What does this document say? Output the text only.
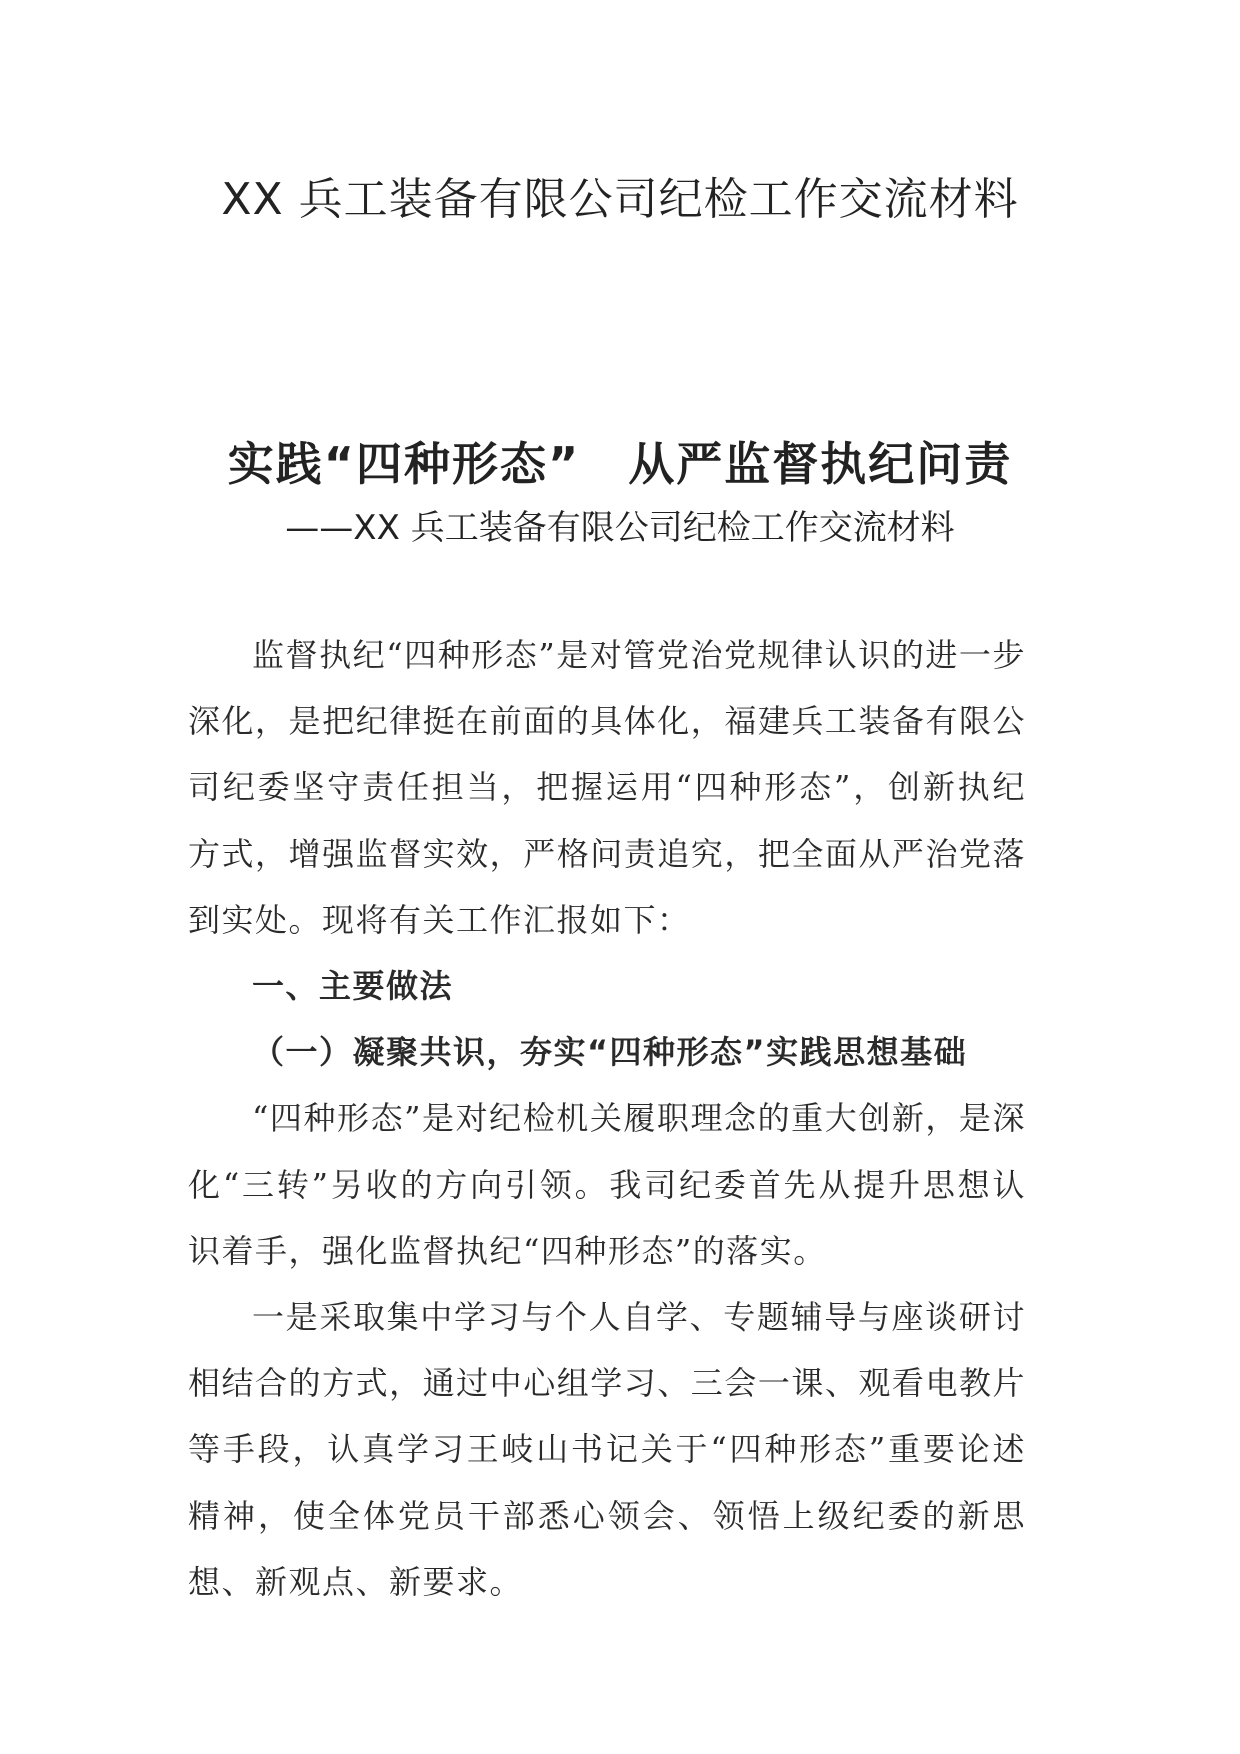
XX 兵工装备有限公司纪检工作交流材料
实践“四种形态”　从严监督执纪问责
——XX 兵工装备有限公司纪检工作交流材料

监督执纪“四种形态”是对管党治党规律认识的进一步深化，是把纪律挺在前面的具体化，福建兵工装备有限公司纪委坚守责任担当，把握运用“四种形态”，创新执纪方式，增强监督实效，严格问责追究，把全面从严治党落到实处。现将有关工作汇报如下：

一、主要做法

（一）凝聚共识，夯实“四种形态”实践思想基础

“四种形态”是对纪检机关履职理念的重大创新，是深化“三转”另收的方向引领。我司纪委首先从提升思想认识着手，强化监督执纪“四种形态”的落实。

一是采取集中学习与个人自学、专题辅导与座谈研讨相结合的方式，通过中心组学习、三会一课、观看电教片等手段，认真学习王岐山书记关于“四种形态”重要论述精神，使全体党员干部悉心领会、领悟上级纪委的新思想、新观点、新要求。
